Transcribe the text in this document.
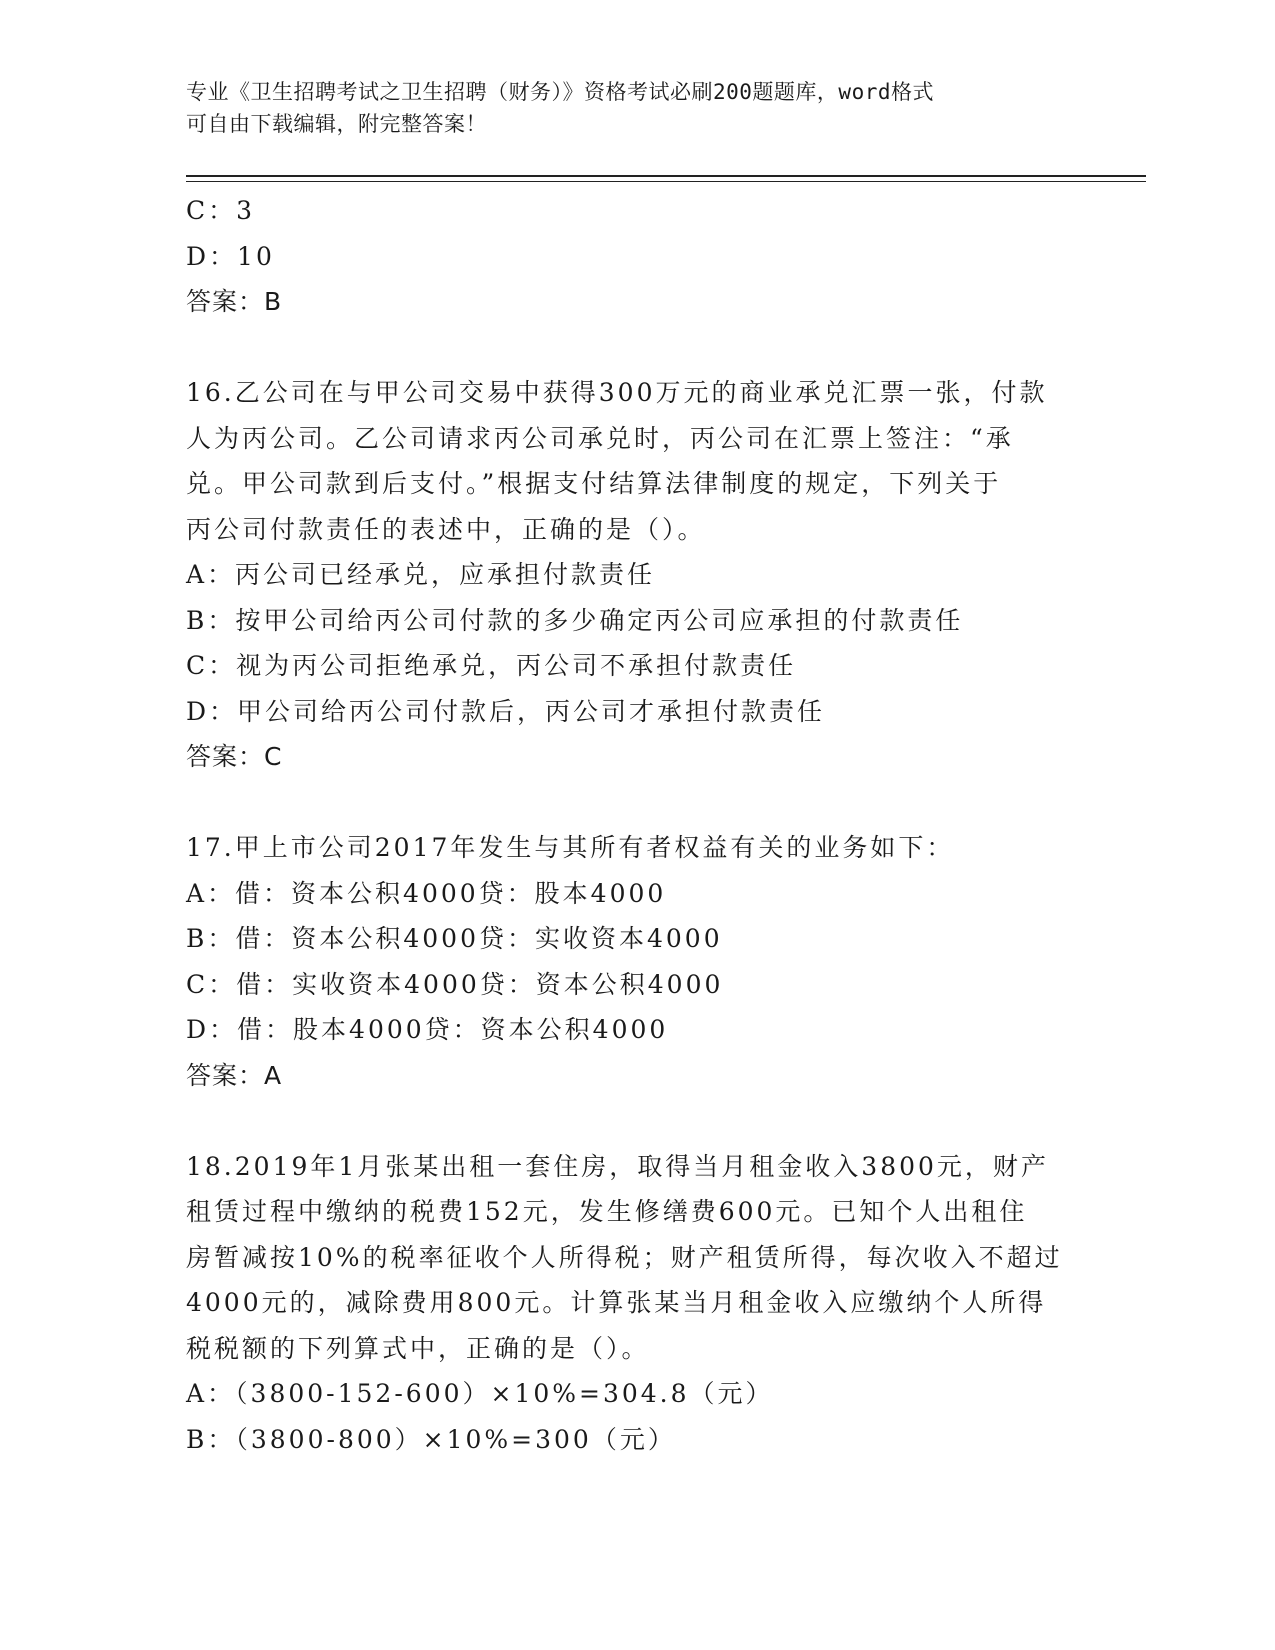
专业《卫生招聘考试之卫生招聘（财务）》资格考试必刷200题题库，word格式
可自由下载编辑，附完整答案！
C：3
D：10
答案：B
16.乙公司在与甲公司交易中获得300万元的商业承兑汇票一张，付款
人为丙公司。乙公司请求丙公司承兑时，丙公司在汇票上签注：“承
兑。甲公司款到后支付。”根据支付结算法律制度的规定，下列关于
丙公司付款责任的表述中，正确的是（）。
A：丙公司已经承兑，应承担付款责任
B：按甲公司给丙公司付款的多少确定丙公司应承担的付款责任
C：视为丙公司拒绝承兑，丙公司不承担付款责任
D：甲公司给丙公司付款后，丙公司才承担付款责任
答案：C
17.甲上市公司2017年发生与其所有者权益有关的业务如下：
A：借：资本公积4000贷：股本4000
B：借：资本公积4000贷：实收资本4000
C：借：实收资本4000贷：资本公积4000
D：借：股本4000贷：资本公积4000
答案：A
18.2019年1月张某出租一套住房，取得当月租金收入3800元，财产
租赁过程中缴纳的税费152元，发生修缮费600元。已知个人出租住
房暂减按10%的税率征收个人所得税；财产租赁所得，每次收入不超过
4000元的，减除费用800元。计算张某当月租金收入应缴纳个人所得
税税额的下列算式中，正确的是（）。
A：（3800-152-600）×10%=304.8（元）
B：（3800-800）×10%=300（元）
